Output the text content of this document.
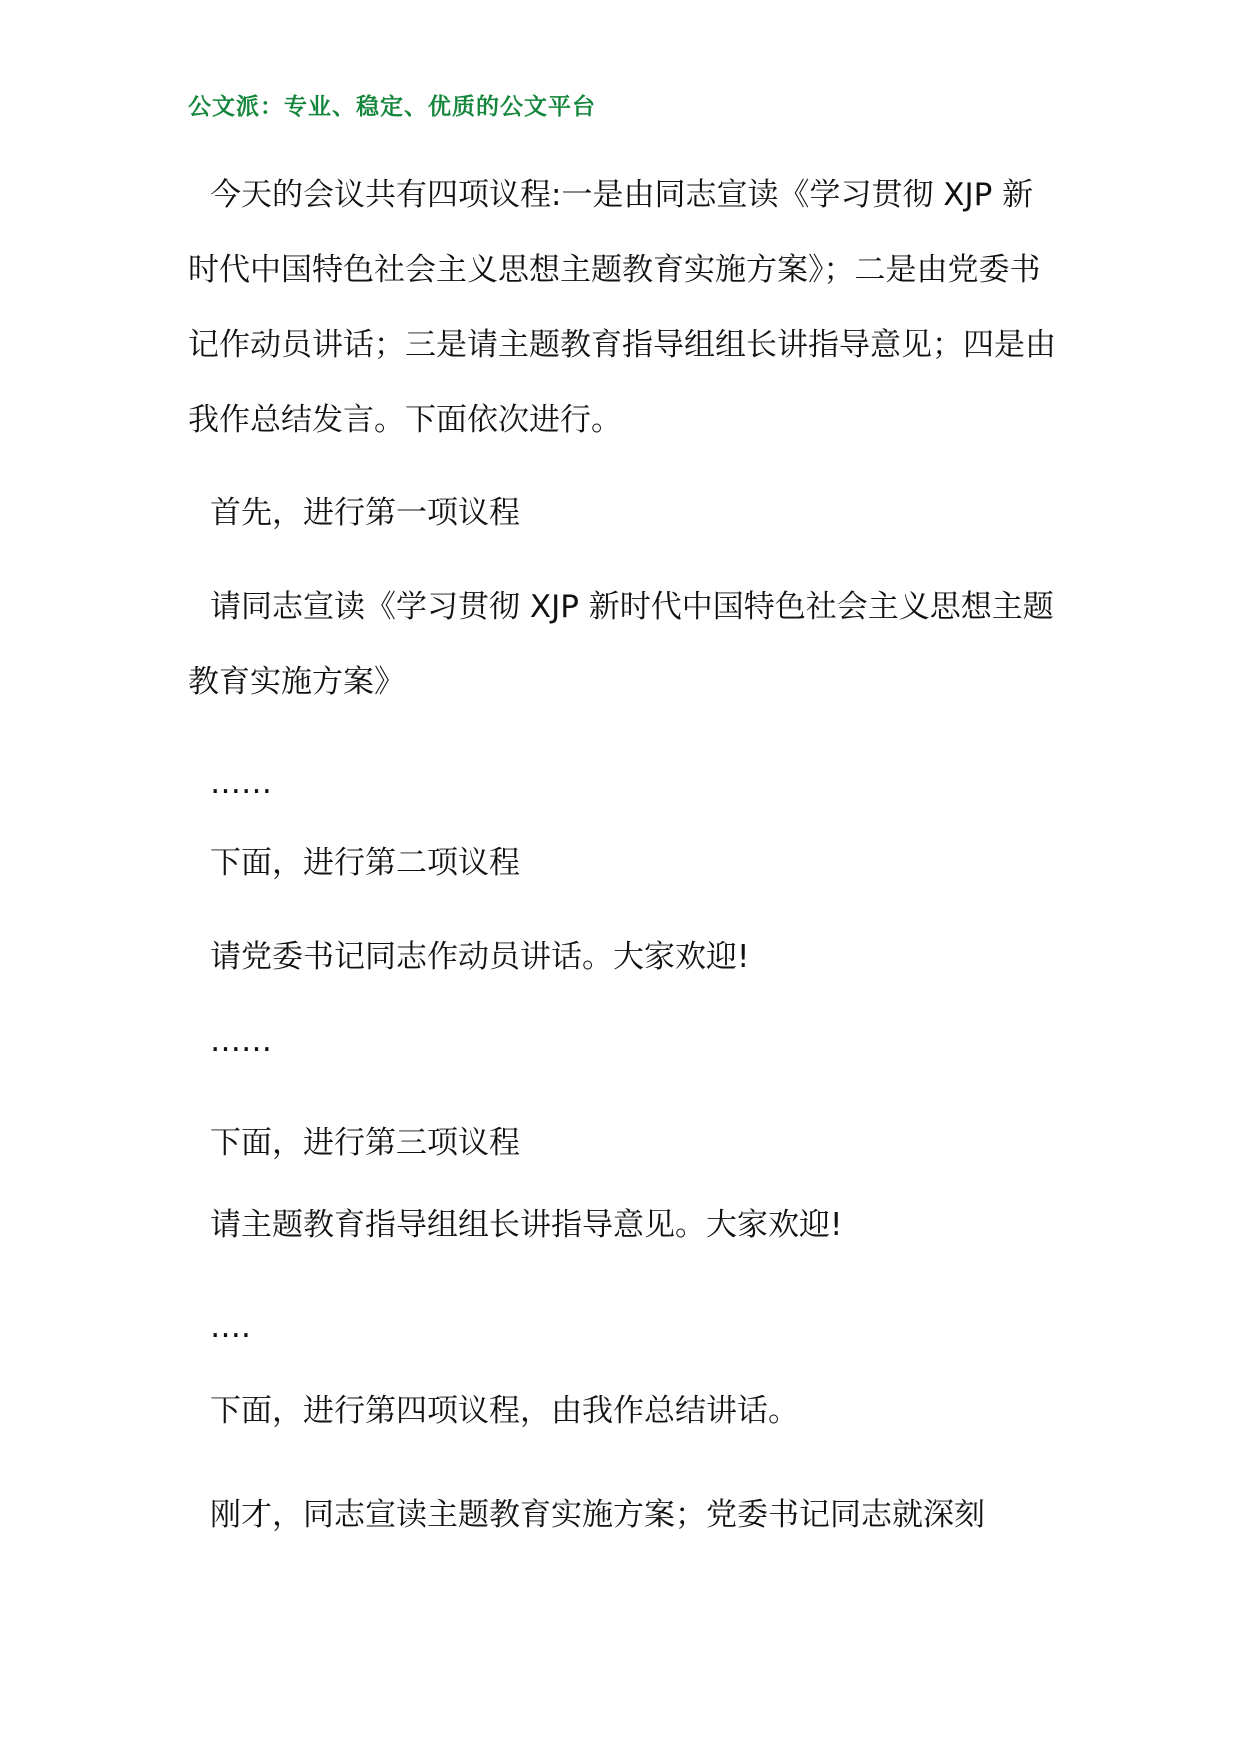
公文派：专业、稳定、优质的公文平台

今天的会议共有四项议程:一是由同志宣读《学习贯彻 XJP 新时代中国特色社会主义思想主题教育实施方案》；二是由党委书记作动员讲话；三是请主题教育指导组组长讲指导意见；四是由我作总结发言。下面依次进行。

首先，进行第一项议程

请同志宣读《学习贯彻 XJP 新时代中国特色社会主义思想主题教育实施方案》

……

下面，进行第二项议程

请党委书记同志作动员讲话。大家欢迎!

……

下面，进行第三项议程

请主题教育指导组组长讲指导意见。大家欢迎!

….

下面，进行第四项议程，由我作总结讲话。

刚才，同志宣读主题教育实施方案；党委书记同志就深刻
